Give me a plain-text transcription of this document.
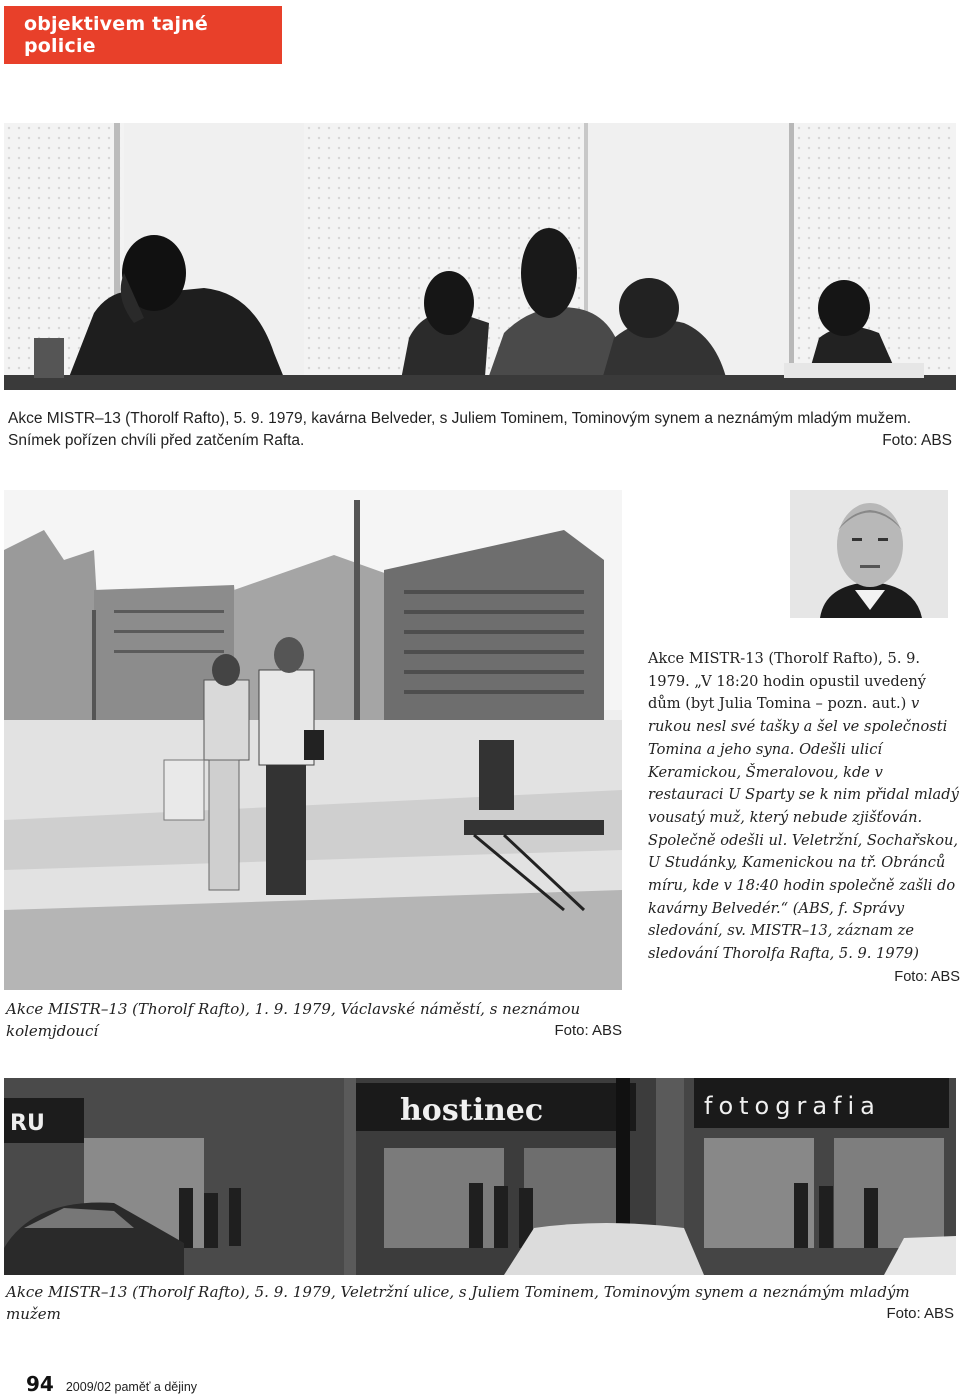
objektivem tajné policie
Akce MISTR–13 (Thorolf Rafto), 5. 9. 1979, kavárna Belveder, s Juliem Tominem, Tominovým synem a neznámým mladým mužem. Snímek pořízen chvíli před zatčením Rafta.	Foto: ABS
Akce MISTR-13 (Thorolf Rafto), 5. 9. 1979. „V 18:20 hodin opustil uvedený dům (byt Julia Tomina – pozn. aut.) v rukou nesl své tašky a šel ve společnosti Tomina a jeho syna. Odešli ulicí Keramickou, Šmeralovou, kde v restauraci U Sparty se k nim přidal mladý vousatý muž, který nebude zjišťován. Společně odešli ul. Veletržní, Sochařskou, U Studánky, Kamenickou na tř. Obránců míru, kde v 18:40 hodin společně zašli do kavárny Belvedér.“ (ABS, f. Správy sledování, sv. MISTR–13, záznam ze sledování Thorolfa Rafta, 5. 9. 1979)
Foto: ABS
Akce MISTR–13 (Thorolf Rafto), 1. 9. 1979, Václavské náměstí, s neznámou kolemjdoucí	Foto: ABS
RU	hostinec	fotografia
Akce MISTR–13 (Thorolf Rafto), 5. 9. 1979, Veletržní ulice, s Juliem Tominem, Tominovým synem a neznámým mladým mužem	Foto: ABS
94 2009/02 paměť a dějiny
